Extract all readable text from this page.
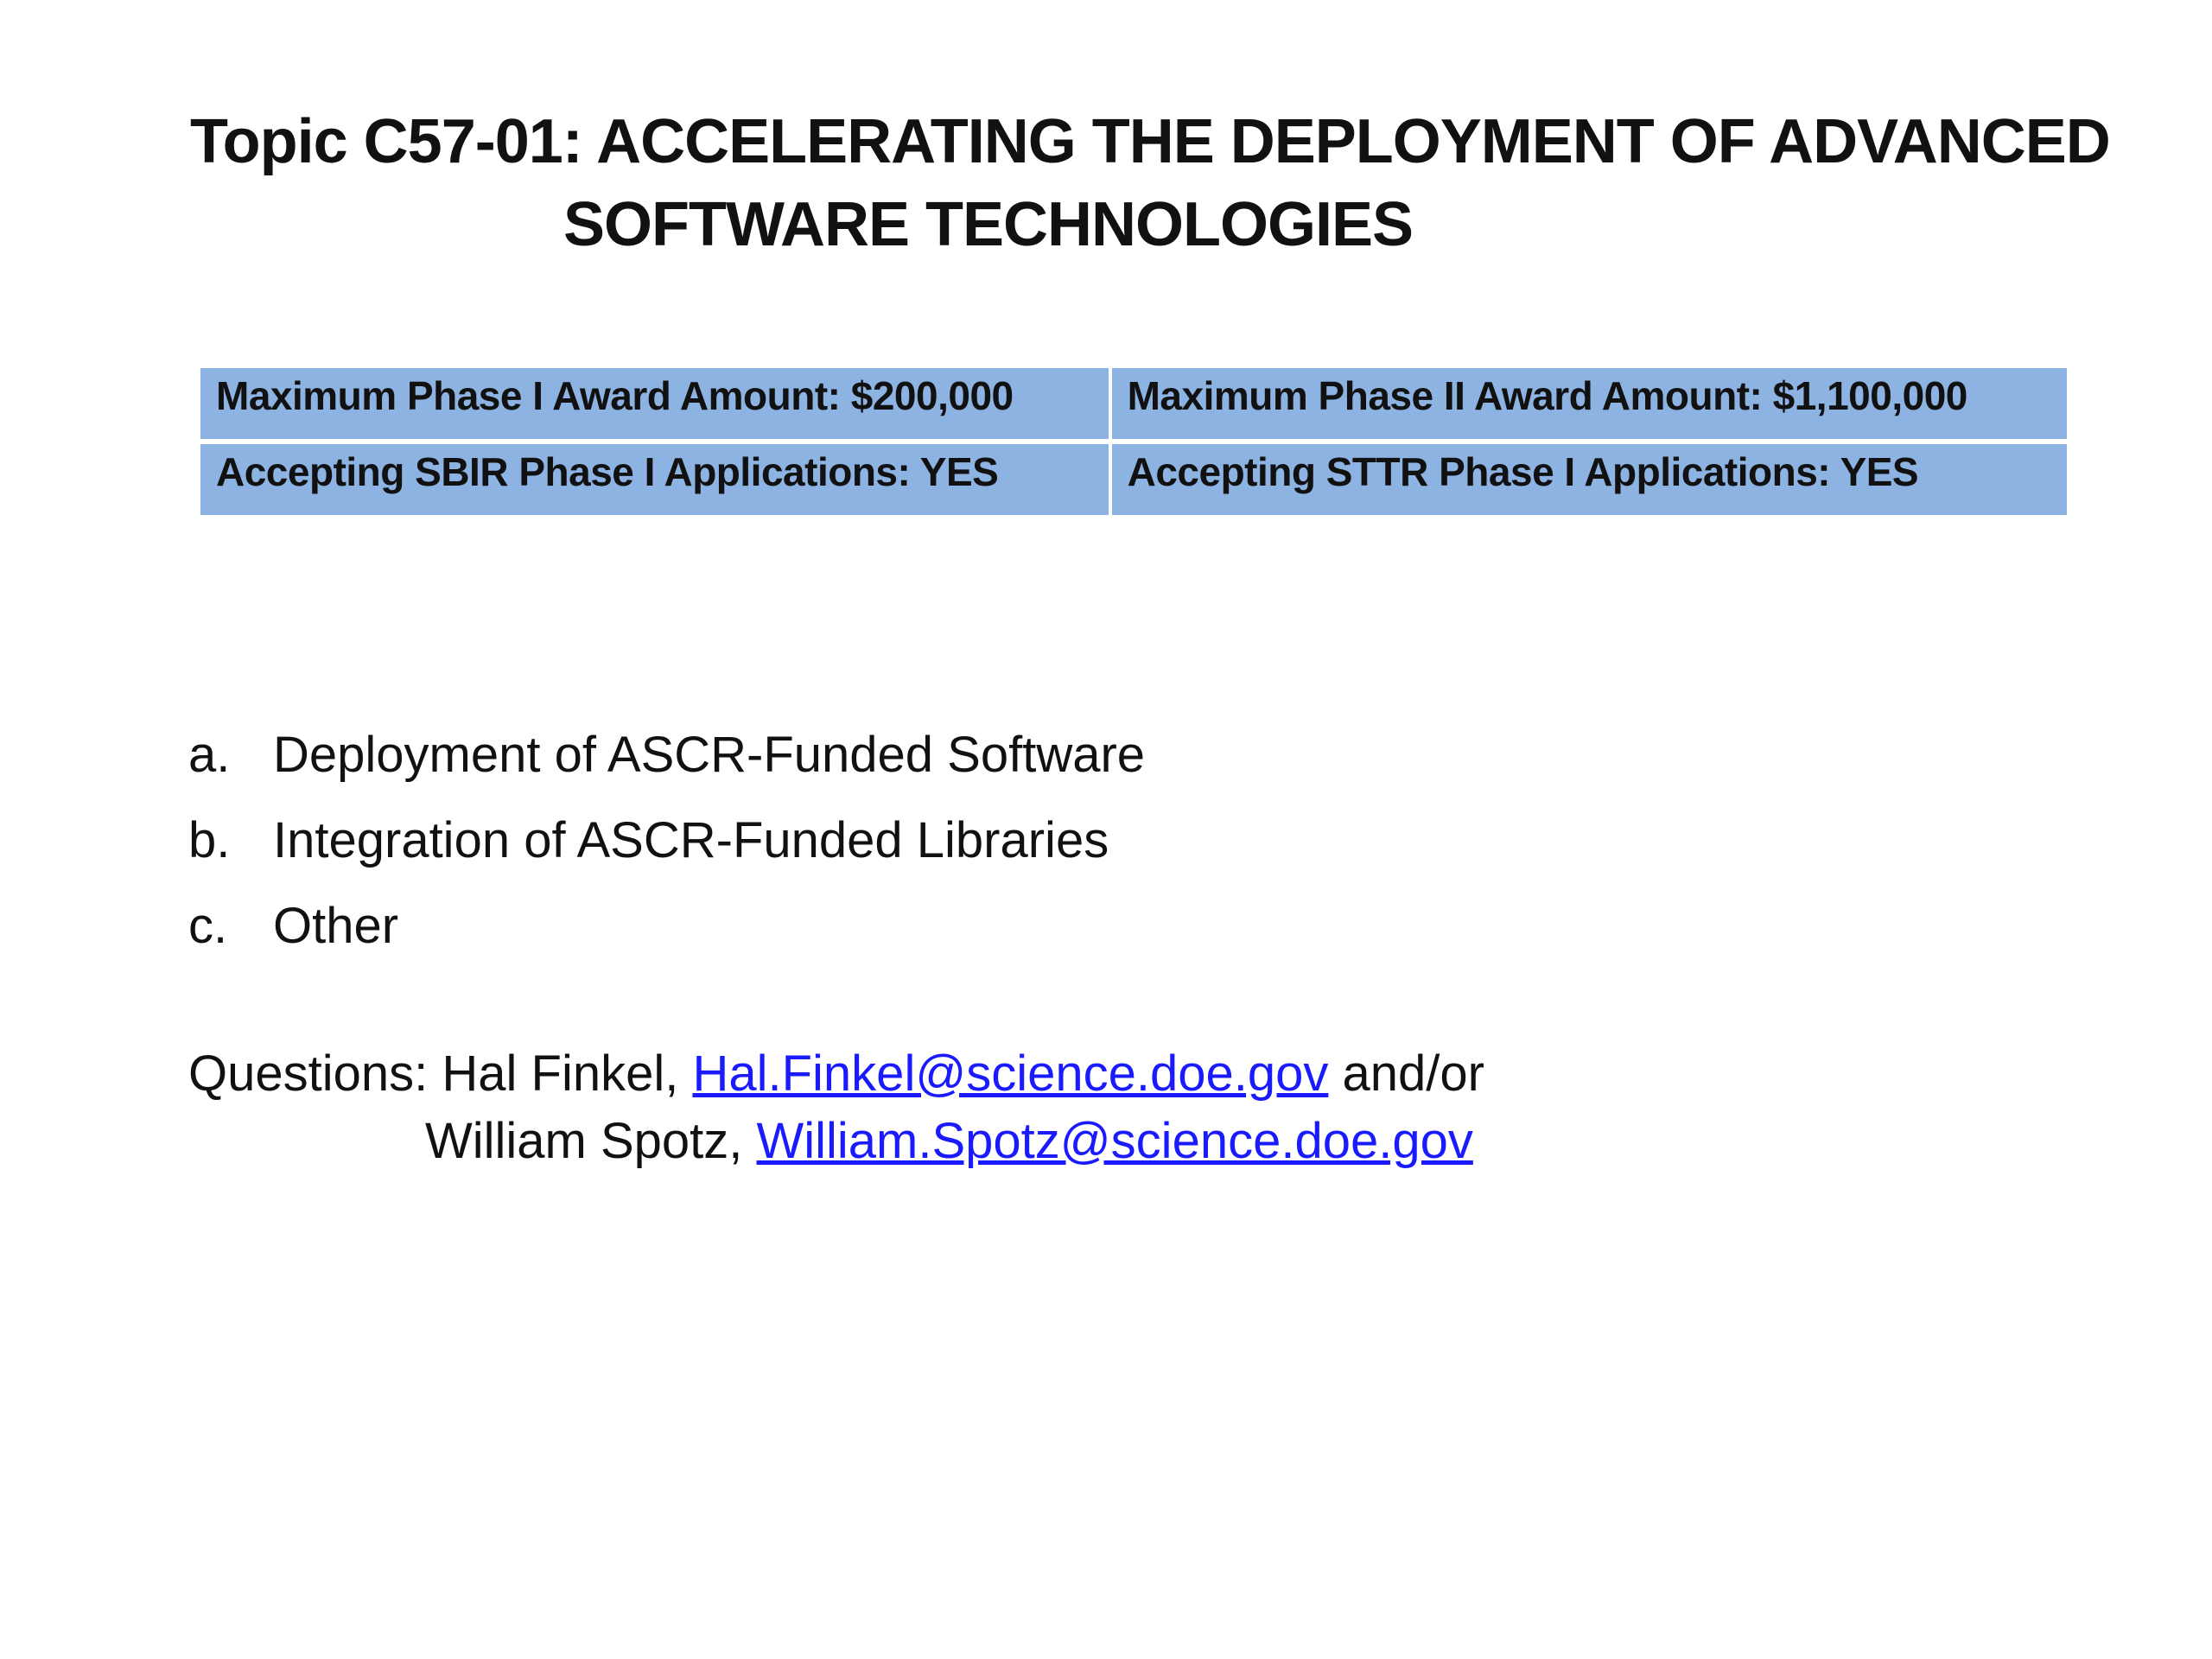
Topic C57-01: ACCELERATING THE DEPLOYMENT OF ADVANCED
SOFTWARE TECHNOLOGIES
Maximum Phase I Award Amount: $200,000	Maximum Phase II Award Amount: $1,100,000
Accepting SBIR Phase I Applications: YES	Accepting STTR Phase I Applications: YES
a. Deployment of ASCR-Funded Software
b. Integration of ASCR-Funded Libraries
c. Other
Questions: Hal Finkel, Hal.Finkel@science.doe.gov and/or
William Spotz, William.Spotz@science.doe.gov
